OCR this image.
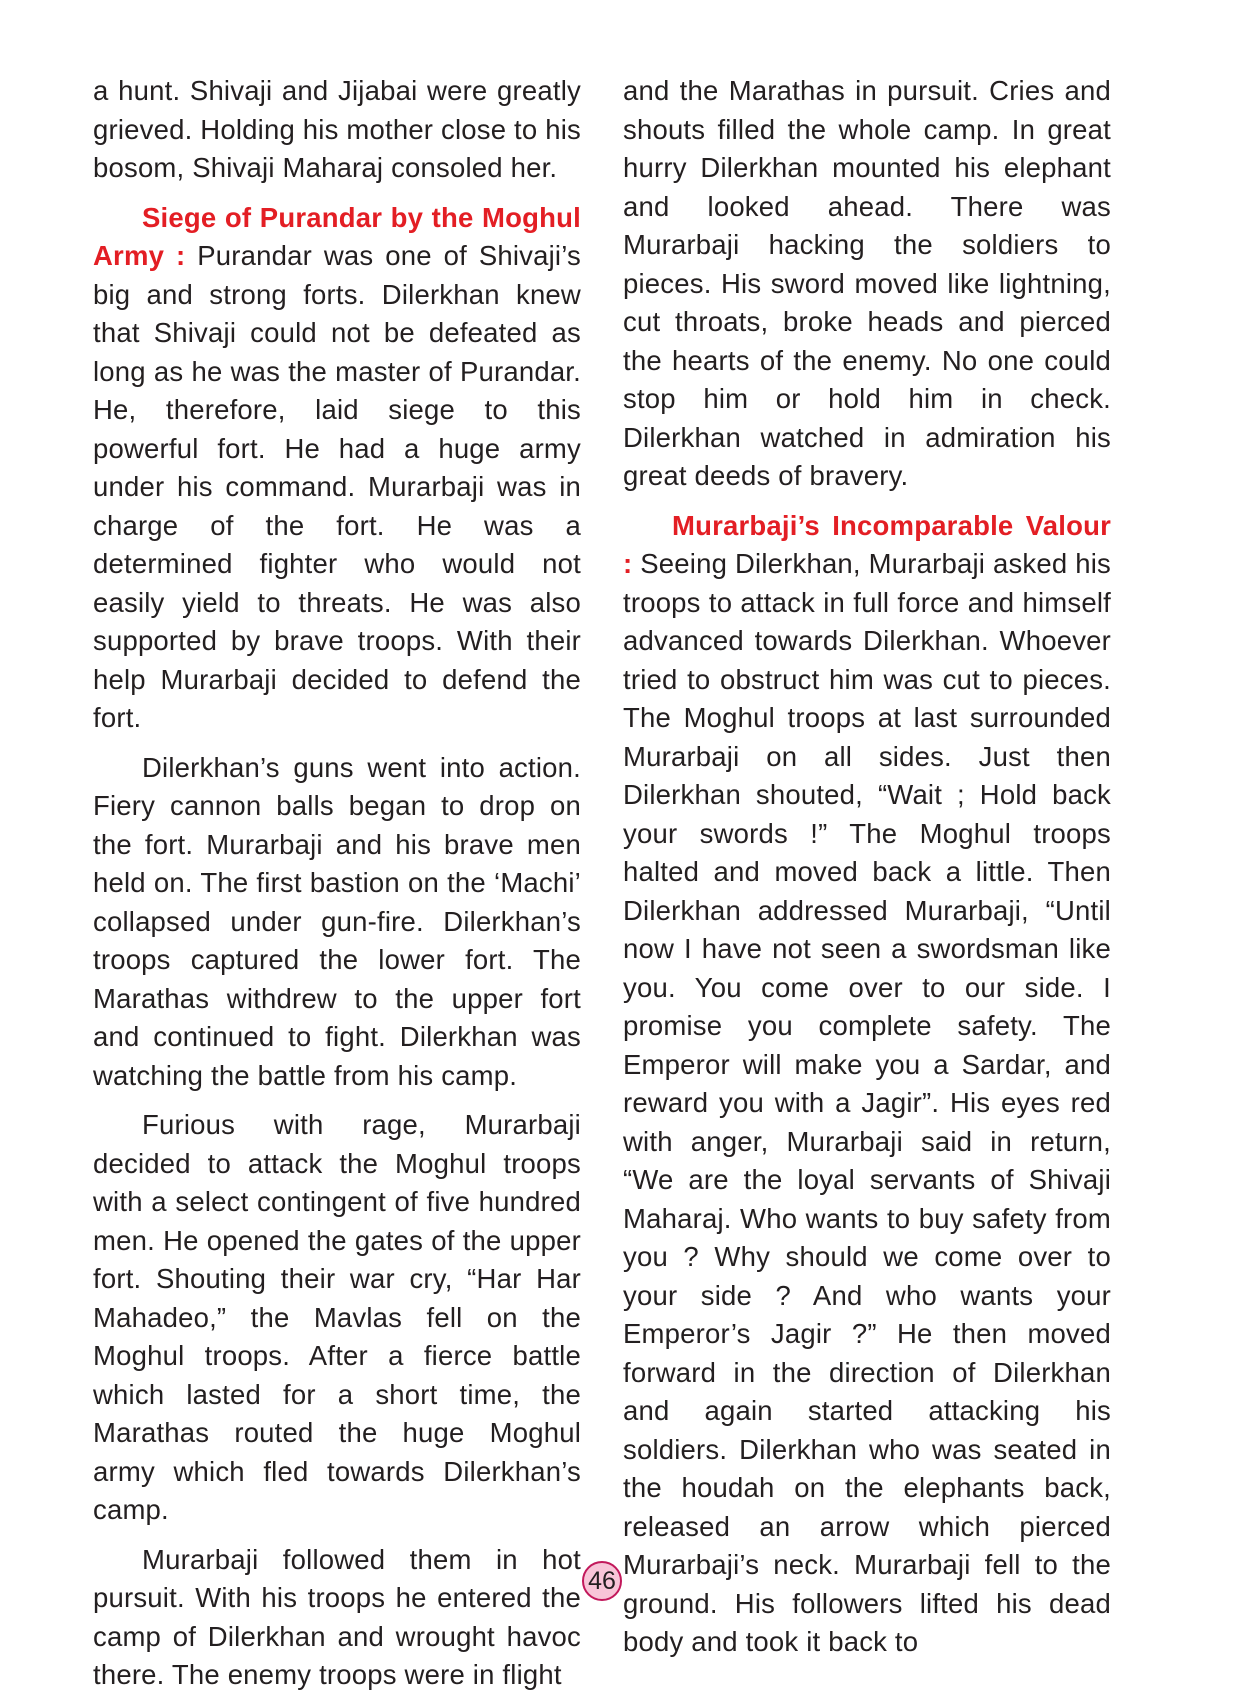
a hunt. Shivaji and Jijabai were greatly grieved. Holding his mother close to his bosom, Shivaji Maharaj consoled her.

Siege of Purandar by the Moghul Army : Purandar was one of Shivaji’s big and strong forts. Dilerkhan knew that Shivaji could not be defeated as long as he was the master of Purandar. He, therefore, laid siege to this powerful fort. He had a huge army under his command. Murarbaji was in charge of the fort. He was a determined fighter who would not easily yield to threats. He was also supported by brave troops. With their help Murarbaji decided to defend the fort.

Dilerkhan’s guns went into action. Fiery cannon balls began to drop on the fort. Murarbaji and his brave men held on. The first bastion on the ‘Machi’ collapsed under gun-fire. Dilerkhan’s troops captured the lower fort. The Marathas withdrew to the upper fort and continued to fight. Dilerkhan was watching the battle from his camp.

Furious with rage, Murarbaji decided to attack the Moghul troops with a select contingent of five hundred men. He opened the gates of the upper fort. Shouting their war cry, “Har Har Mahadeo,” the Mavlas fell on the Moghul troops. After a fierce battle which lasted for a short time, the Marathas routed the huge Moghul army which fled towards Dilerkhan’s camp.

Murarbaji followed them in hot pursuit. With his troops he entered the camp of Dilerkhan and wrought havoc there. The enemy troops were in flight

and the Marathas in pursuit. Cries and shouts filled the whole camp. In great hurry Dilerkhan mounted his elephant and looked ahead. There was Murarbaji hacking the soldiers to pieces. His sword moved like lightning, cut throats, broke heads and pierced the hearts of the enemy. No one could stop him or hold him in check. Dilerkhan watched in admiration his great deeds of bravery.

Murarbaji’s Incomparable Valour : Seeing Dilerkhan, Murarbaji asked his troops to attack in full force and himself advanced towards Dilerkhan. Whoever tried to obstruct him was cut to pieces. The Moghul troops at last surrounded Murarbaji on all sides. Just then Dilerkhan shouted, “Wait ; Hold back your swords !” The Moghul troops halted and moved back a little. Then Dilerkhan addressed Murarbaji, “Until now I have not seen a swordsman like you. You come over to our side. I promise you complete safety. The Emperor will make you a Sardar, and reward you with a Jagir”. His eyes red with anger, Murarbaji said in return, “We are the loyal servants of Shivaji Maharaj. Who wants to buy safety from you ? Why should we come over to your side ? And who wants your Emperor’s Jagir ?” He then moved forward in the direction of Dilerkhan and again started attacking his soldiers. Dilerkhan who was seated in the houdah on the elephants back, released an arrow which pierced Murarbaji’s neck. Murarbaji fell to the ground. His followers lifted his dead body and took it back to

46
